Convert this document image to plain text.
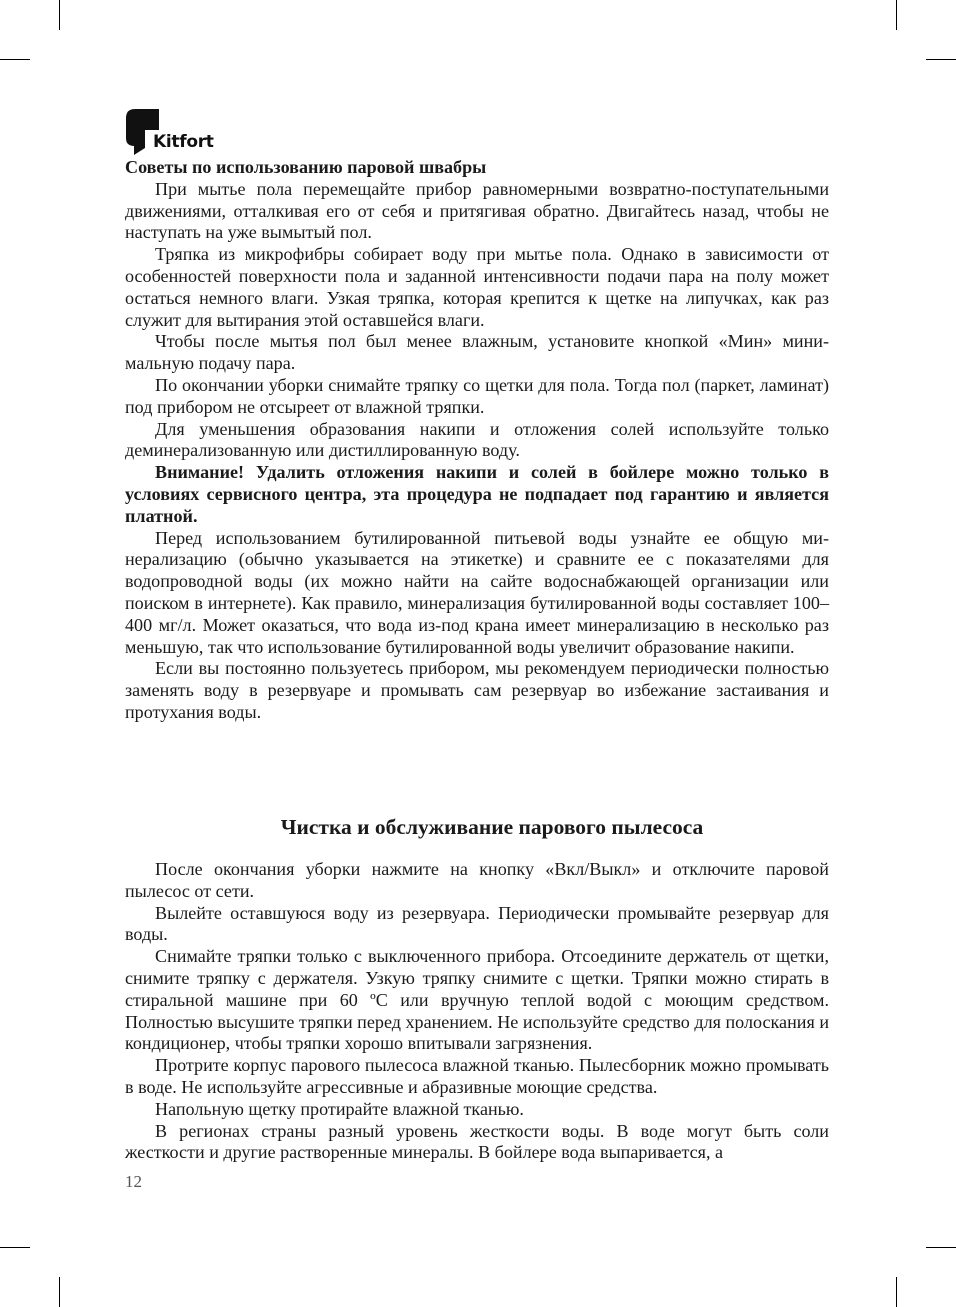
Kitfort
Советы по использованию паровой швабры

При мытье пола перемещайте прибор равномерными возвратно-поступательными движениями, отталкивая его от себя и притягивая обратно. Двигайтесь назад, чтобы не наступать на уже вымытый пол.

Тряпка из микрофибры собирает воду при мытье пола. Однако в зависимости от особенностей поверхности пола и заданной интенсивности подачи пара на полу может остаться немного влаги. Узкая тряпка, которая крепится к щетке на липучках, как раз служит для вытирания этой оставшейся влаги.

Чтобы после мытья пол был менее влажным, установите кнопкой «Мин» минимальную подачу пара.

По окончании уборки снимайте тряпку со щетки для пола. Тогда пол (паркет, ламинат) под прибором не отсыреет от влажной тряпки.

Для уменьшения образования накипи и отложения солей используйте только деминерализованную или дистиллированную воду.

Внимание! Удалить отложения накипи и солей в бойлере можно только в условиях сервисного центра, эта процедура не подпадает под гарантию и является платной.

Перед использованием бутилированной питьевой воды узнайте ее общую минерализацию (обычно указывается на этикетке) и сравните ее с показателями для водопроводной воды (их можно найти на сайте водоснабжающей организации или поиском в интернете). Как правило, минерализация бутилированной воды составляет 100–400 мг/л. Может оказаться, что вода из-под крана имеет минерализацию в несколько раз меньшую, так что использование бутилированной воды увеличит образование накипи.

Если вы постоянно пользуетесь прибором, мы рекомендуем периодически полностью заменять воду в резервуаре и промывать сам резервуар во избежание застаивания и протухания воды.

Чистка и обслуживание парового пылесоса

После окончания уборки нажмите на кнопку «Вкл/Выкл» и отключите паровой пылесос от сети.

Вылейте оставшуюся воду из резервуара. Периодически промывайте резервуар для воды.

Снимайте тряпки только с выключенного прибора. Отсоедините держатель от щетки, снимите тряпку с держателя. Узкую тряпку снимите с щетки. Тряпки можно стирать в стиральной машине при 60 ºС или вручную теплой водой с моющим средством. Полностью высушите тряпки перед хранением. Не используйте средство для полоскания и кондиционер, чтобы тряпки хорошо впитывали загрязнения.

Протрите корпус парового пылесоса влажной тканью. Пылесборник можно промывать в воде. Не используйте агрессивные и абразивные моющие средства.

Напольную щетку протирайте влажной тканью.

В регионах страны разный уровень жесткости воды. В воде могут быть соли жесткости и другие растворенные минералы. В бойлере вода выпаривается, а

12
